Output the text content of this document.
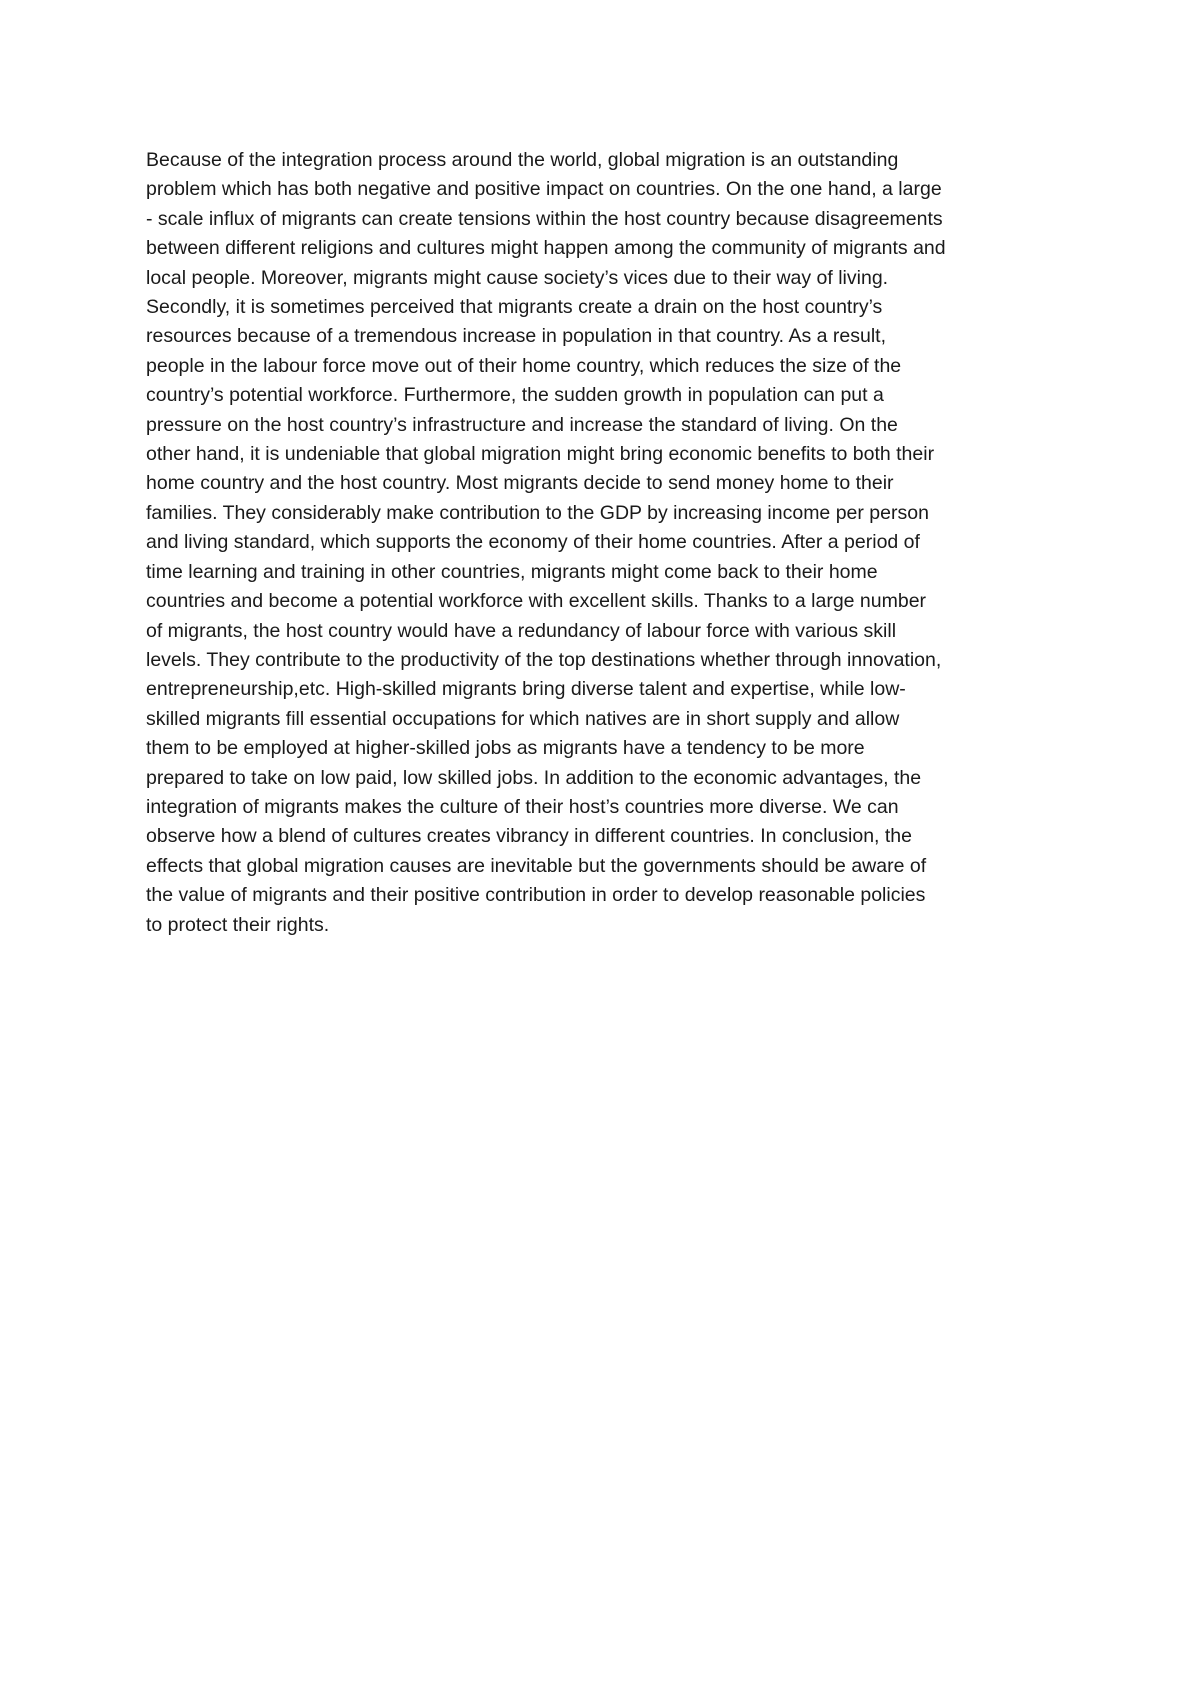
Because of the integration process around the world, global migration is an outstanding
problem which has both negative and positive impact on countries. On the one hand, a large
- scale influx of migrants can create tensions within the host country because disagreements
between different religions and cultures might happen among the community of migrants and
local people. Moreover, migrants might cause society’s vices due to their way of living.
Secondly, it is sometimes perceived that migrants create a drain on the host country’s
resources because of a tremendous increase in population in that country. As a result,
people in the labour force move out of their home country, which reduces the size of the
country’s potential workforce. Furthermore, the sudden growth in population can put a
pressure on the host country’s infrastructure and increase the standard of living. On the
other hand, it is undeniable that global migration might bring economic benefits to both their
home country and the host country. Most migrants decide to send money home to their
families. They considerably make contribution to the GDP by increasing income per person
and living standard, which supports the economy of their home countries. After a period of
time learning and training in other countries, migrants might come back to their home
countries and become a potential workforce with excellent skills. Thanks to a large number
of migrants, the host country would have a redundancy of labour force with various skill
levels. They contribute to the productivity of the top destinations whether through innovation,
entrepreneurship,etc. High-skilled migrants bring diverse talent and expertise, while low-
skilled migrants fill essential occupations for which natives are in short supply and allow
them to be employed at higher-skilled jobs as migrants have a tendency to be more
prepared to take on low paid, low skilled jobs. In addition to the economic advantages, the
integration of migrants makes the culture of their host’s countries more diverse. We can
observe how a blend of cultures creates vibrancy in different countries. In conclusion, the
effects that global migration causes are inevitable but the governments should be aware of
the value of migrants and their positive contribution in order to develop reasonable policies
to protect their rights.
